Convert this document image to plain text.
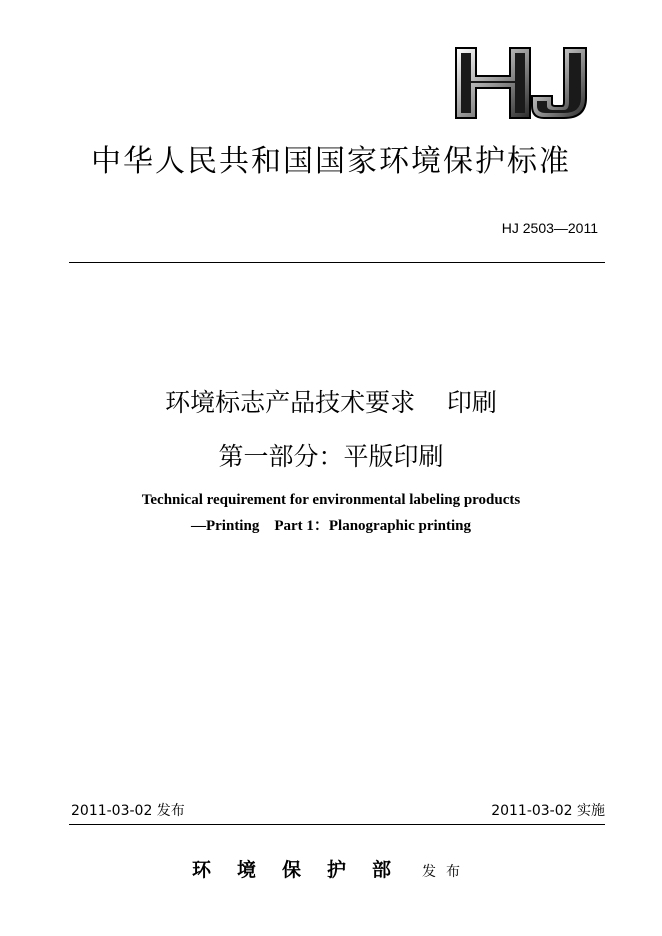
中华人民共和国国家环境保护标准
HJ 2503—2011
环境标志产品技术要求    印刷
第一部分：平版印刷
Technical requirement for environmental labeling products
—Printing    Part 1：Planographic printing
2011-03-02 发布	2011-03-02 实施
环境保护部 发布
